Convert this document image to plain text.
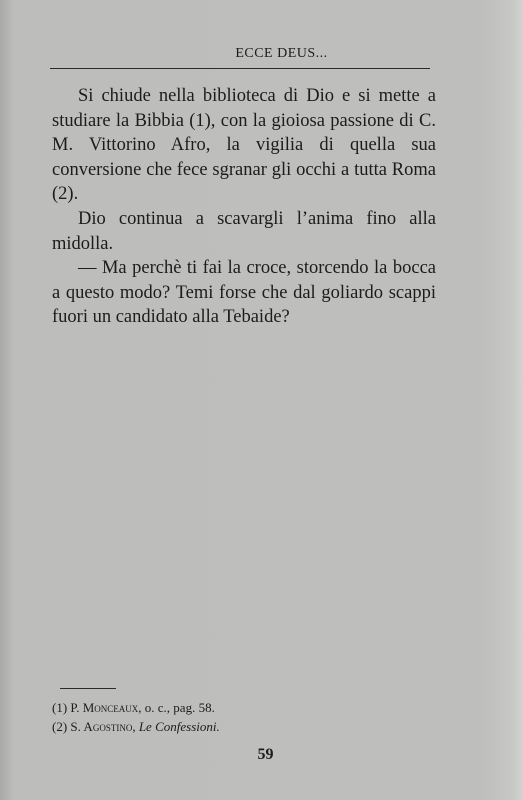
ECCE DEUS...

Si chiude nella biblioteca di Dio e si mette a studiare la Bibbia (1), con la gioiosa passione di C. M. Vittorino Afro, la vigilia di quella sua conversione che fece sgranar gli occhi a tutta Roma (2).

Dio continua a scavargli l’anima fino alla midolla.

— Ma perchè ti fai la croce, storcendo la bocca a questo modo? Temi forse che dal goliardo scappi fuori un candidato alla Tebaide?

(1) P. Monceaux, o. c., pag. 58.
(2) S. Agostino, Le Confessioni.
59
